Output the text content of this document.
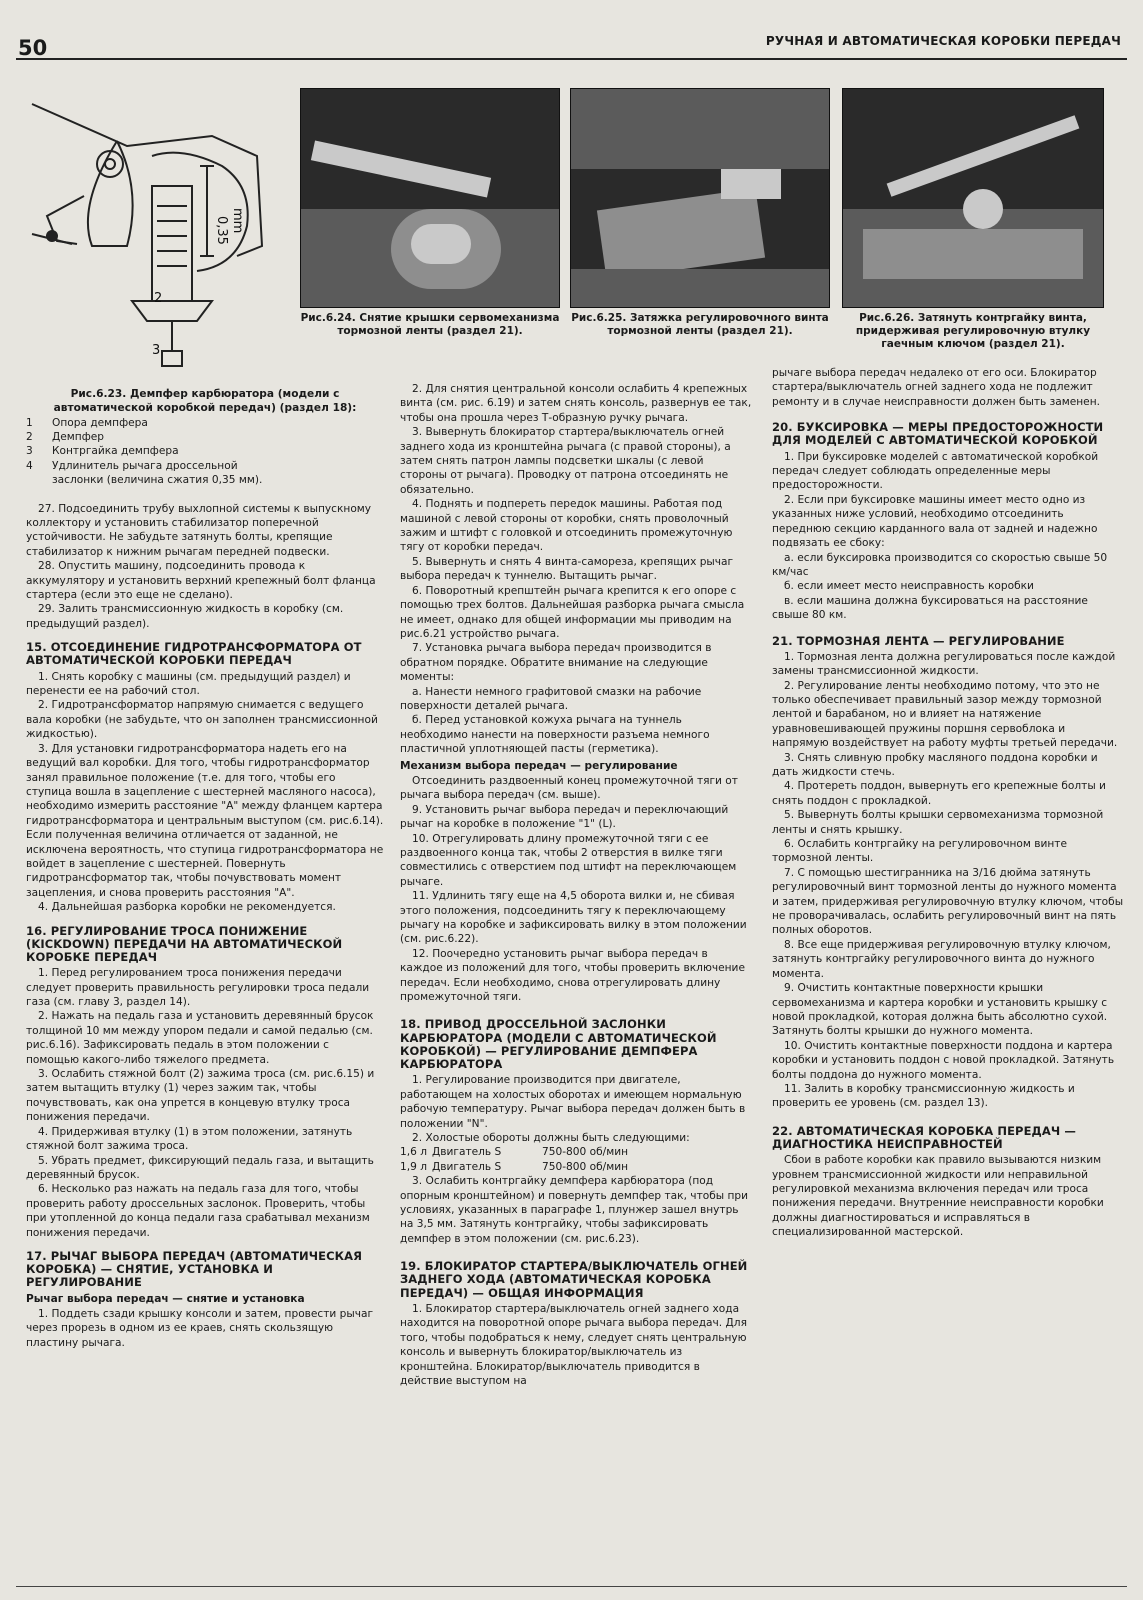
50	РУЧНАЯ И АВТОМАТИЧЕСКАЯ КОРОБКИ ПЕРЕДАЧ
0,35 mm
2
3
Рис.6.24. Снятие крышки сервомеханизма тормозной ленты (раздел 21).
Рис.6.25. Затяжка регулировочного винта тормозной ленты (раздел 21).
Рис.6.26. Затянуть контргайку винта, придерживая регулировочную втулку гаечным ключом (раздел 21).
Рис.6.23. Демпфер карбюратора (модели с автоматической коробкой передач) (раздел 18):
1	Опора демпфера
2	Демпфер
3	Контргайка демпфера
4	Удлинитель рычага дроссельной заслонки (величина сжатия 0,35 мм).

27. Подсоединить трубу выхлопной системы к выпускному коллектору и установить стабилизатор поперечной устойчивости. Не забудьте затянуть болты, крепящие стабилизатор к нижним рычагам передней подвески.

28. Опустить машину, подсоединить провода к аккумулятору и установить верхний крепежный болт фланца стартера (если это еще не сделано).

29. Залить трансмиссионную жидкость в коробку (см. предыдущий раздел).

15. ОТСОЕДИНЕНИЕ ГИДРОТРАНСФОРМАТОРА ОТ АВТОМАТИЧЕСКОЙ КОРОБКИ ПЕРЕДАЧ

1. Снять коробку с машины (см. предыдущий раздел) и перенести ее на рабочий стол.

2. Гидротрансформатор напрямую снимается с ведущего вала коробки (не забудьте, что он заполнен трансмиссионной жидкостью).

3. Для установки гидротрансформатора надеть его на ведущий вал коробки. Для того, чтобы гидротрансформатор занял правильное положение (т.е. для того, чтобы его ступица вошла в зацепление с шестерней масляного насоса), необходимо измерить расстояние "А" между фланцем картера гидротрансформатора и центральным выступом (см. рис.6.14). Если полученная величина отличается от заданной, не исключена вероятность, что ступица гидротрансформатора не войдет в зацепление с шестерней. Повернуть гидротрансформатор так, чтобы почувствовать момент зацепления, и снова проверить расстояния "А".

4. Дальнейшая разборка коробки не рекомендуется.

16. РЕГУЛИРОВАНИЕ ТРОСА ПОНИЖЕНИЕ (KICKDOWN) ПЕРЕДАЧИ НА АВТОМАТИЧЕСКОЙ КОРОБКЕ ПЕРЕДАЧ

1. Перед регулированием троса понижения передачи следует проверить правильность регулировки троса педали газа (см. главу 3, раздел 14).

2. Нажать на педаль газа и установить деревянный брусок толщиной 10 мм между упором педали и самой педалью (см. рис.6.16). Зафиксировать педаль в этом положении с помощью какого-либо тяжелого предмета.

3. Ослабить стяжной болт (2) зажима троса (см. рис.6.15) и затем вытащить втулку (1) через зажим так, чтобы почувствовать, как она упрется в концевую втулку троса понижения передачи.

4. Придерживая втулку (1) в этом положении, затянуть стяжной болт зажима троса.

5. Убрать предмет, фиксирующий педаль газа, и вытащить деревянный брусок.

6. Несколько раз нажать на педаль газа для того, чтобы проверить работу дроссельных заслонок. Проверить, чтобы при утопленной до конца педали газа срабатывал механизм понижения передачи.

17. РЫЧАГ ВЫБОРА ПЕРЕДАЧ (АВТОМАТИЧЕСКАЯ КОРОБКА) — СНЯТИЕ, УСТАНОВКА И РЕГУЛИРОВАНИЕ
Рычаг выбора передач — снятие и установка

1. Поддеть сзади крышку консоли и затем, провести рычаг через прорезь в одном из ее краев, снять скользящую пластину рычага.

2. Для снятия центральной консоли ослабить 4 крепежных винта (см. рис. 6.19) и затем снять консоль, развернув ее так, чтобы она прошла через Т-образную ручку рычага.

3. Вывернуть блокиратор стартера/выключатель огней заднего хода из кронштейна рычага (с правой стороны), а затем снять патрон лампы подсветки шкалы (с левой стороны от рычага). Проводку от патрона отсоединять не обязательно.

4. Поднять и подпереть передок машины. Работая под машиной с левой стороны от коробки, снять проволочный зажим и штифт с головкой и отсоединить промежуточную тягу от коробки передач.

5. Вывернуть и снять 4 винта-самореза, крепящих рычаг выбора передач к туннелю. Вытащить рычаг.

6. Поворотный крепштейн рычага крепится к его опоре с помощью трех болтов. Дальнейшая разборка рычага смысла не имеет, однако для общей информации мы приводим на рис.6.21 устройство рычага.

7. Установка рычага выбора передач производится в обратном порядке. Обратите внимание на следующие моменты:

а. Нанести немного графитовой смазки на рабочие поверхности деталей рычага.

б. Перед установкой кожуха рычага на туннель необходимо нанести на поверхности разъема немного пластичной уплотняющей пасты (герметика).

Механизм выбора передач — регулирование

Отсоединить раздвоенный конец промежуточной тяги от рычага выбора передач (см. выше).

9. Установить рычаг выбора передач и переключающий рычаг на коробке в положение "1" (L).

10. Отрегулировать длину промежуточной тяги с ее раздвоенного конца так, чтобы 2 отверстия в вилке тяги совместились с отверстием под штифт на переключающем рычаге.

11. Удлинить тягу еще на 4,5 оборота вилки и, не сбивая этого положения, подсоединить тягу к переключающему рычагу на коробке и зафиксировать вилку в этом положении (см. рис.6.22).

12. Поочередно установить рычаг выбора передач в каждое из положений для того, чтобы проверить включение передач. Если необходимо, снова отрегулировать длину промежуточной тяги.

18. ПРИВОД ДРОССЕЛЬНОЙ ЗАСЛОНКИ КАРБЮРАТОРА (МОДЕЛИ С АВТОМАТИЧЕСКОЙ КОРОБКОЙ) — РЕГУЛИРОВАНИЕ ДЕМПФЕРА КАРБЮРАТОРА

1. Регулирование производится при двигателе, работающем на холостых оборотах и имеющем нормальную рабочую температуру. Рычаг выбора передач должен быть в положении "N".

2. Холостые обороты должны быть следующими:

1,6 л Двигатель S	750-800 об/мин
1,9 л Двигатель S	750-800 об/мин

3. Ослабить контргайку демпфера карбюратора (под опорным кронштейном) и повернуть демпфер так, чтобы при условиях, указанных в параграфе 1, плунжер зашел внутрь на 3,5 мм. Затянуть контргайку, чтобы зафиксировать демпфер в этом положении (см. рис.6.23).

19. БЛОКИРАТОР СТАРТЕРА/ВЫКЛЮЧАТЕЛЬ ОГНЕЙ ЗАДНЕГО ХОДА (АВТОМАТИЧЕСКАЯ КОРОБКА ПЕРЕДАЧ) — ОБЩАЯ ИНФОРМАЦИЯ

1. Блокиратор стартера/выключатель огней заднего хода находится на поворотной опоре рычага выбора передач. Для того, чтобы подобраться к нему, следует снять центральную консоль и вывернуть блокиратор/выключатель из кронштейна. Блокиратор/выключатель приводится в действие выступом на

рычаге выбора передач недалеко от его оси. Блокиратор стартера/выключатель огней заднего хода не подлежит ремонту и в случае неисправности должен быть заменен.

20. БУКСИРОВКА — МЕРЫ ПРЕДОСТОРОЖНОСТИ ДЛЯ МОДЕЛЕЙ С АВТОМАТИЧЕСКОЙ КОРОБКОЙ

1. При буксировке моделей с автоматической коробкой передач следует соблюдать определенные меры предосторожности.

2. Если при буксировке машины имеет место одно из указанных ниже условий, необходимо отсоединить переднюю секцию карданного вала от задней и надежно подвязать ее сбоку:

а. если буксировка производится со скоростью свыше 50 км/час

б. если имеет место неисправность коробки

в. если машина должна буксироваться на расстояние свыше 80 км.

21. ТОРМОЗНАЯ ЛЕНТА — РЕГУЛИРОВАНИЕ

1. Тормозная лента должна регулироваться после каждой замены трансмиссионной жидкости.

2. Регулирование ленты необходимо потому, что это не только обеспечивает правильный зазор между тормозной лентой и барабаном, но и влияет на натяжение уравновешивающей пружины поршня сервоблока и напрямую воздействует на работу муфты третьей передачи.

3. Снять сливную пробку масляного поддона коробки и дать жидкости стечь.

4. Протереть поддон, вывернуть его крепежные болты и снять поддон с прокладкой.

5. Вывернуть болты крышки сервомеханизма тормозной ленты и снять крышку.

6. Ослабить контргайку на регулировочном винте тормозной ленты.

7. С помощью шестигранника на 3/16 дюйма затянуть регулировочный винт тормозной ленты до нужного момента и затем, придерживая регулировочную втулку ключом, чтобы не проворачивалась, ослабить регулировочный винт на пять полных оборотов.

8. Все еще придерживая регулировочную втулку ключом, затянуть контргайку регулировочного винта до нужного момента.

9. Очистить контактные поверхности крышки сервомеханизма и картера коробки и установить крышку с новой прокладкой, которая должна быть абсолютно сухой. Затянуть болты крышки до нужного момента.

10. Очистить контактные поверхности поддона и картера коробки и установить поддон с новой прокладкой. Затянуть болты поддона до нужного момента.

11. Залить в коробку трансмиссионную жидкость и проверить ее уровень (см. раздел 13).

22. АВТОМАТИЧЕСКАЯ КОРОБКА ПЕРЕДАЧ — ДИАГНОСТИКА НЕИСПРАВНОСТЕЙ

Сбои в работе коробки как правило вызываются низким уровнем трансмиссионной жидкости или неправильной регулировкой механизма включения передач или троса понижения передачи. Внутренние неисправности коробки должны диагностироваться и исправляться в специализированной мастерской.
